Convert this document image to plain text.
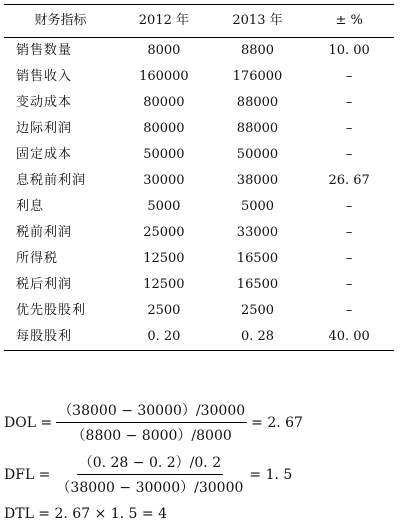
财务指标	2012 年	2013 年	± %
销售数量	8000	8800	10. 00
销售收入	160000	176000	–
变动成本	80000	88000	–
边际利润	80000	88000	–
固定成本	50000	50000	–
息税前利润	30000	38000	26. 67
利息	5000	5000	–
税前利润	25000	33000	–
所得税	12500	16500	–
税后利润	12500	16500	–
优先股股利	2500	2500	–
每股股利	0. 20	0. 28	40. 00
DOL = $\frac{(38000 - 30000)/30000}{(8800 - 8000)/8000} = 2$. 67
DFL = $\frac{(0. 28 - 0. 2)/0. 2}{(38000 - 30000)/30000} = 1$. 5
DTL = 2. 67 × 1. 5 = 4
